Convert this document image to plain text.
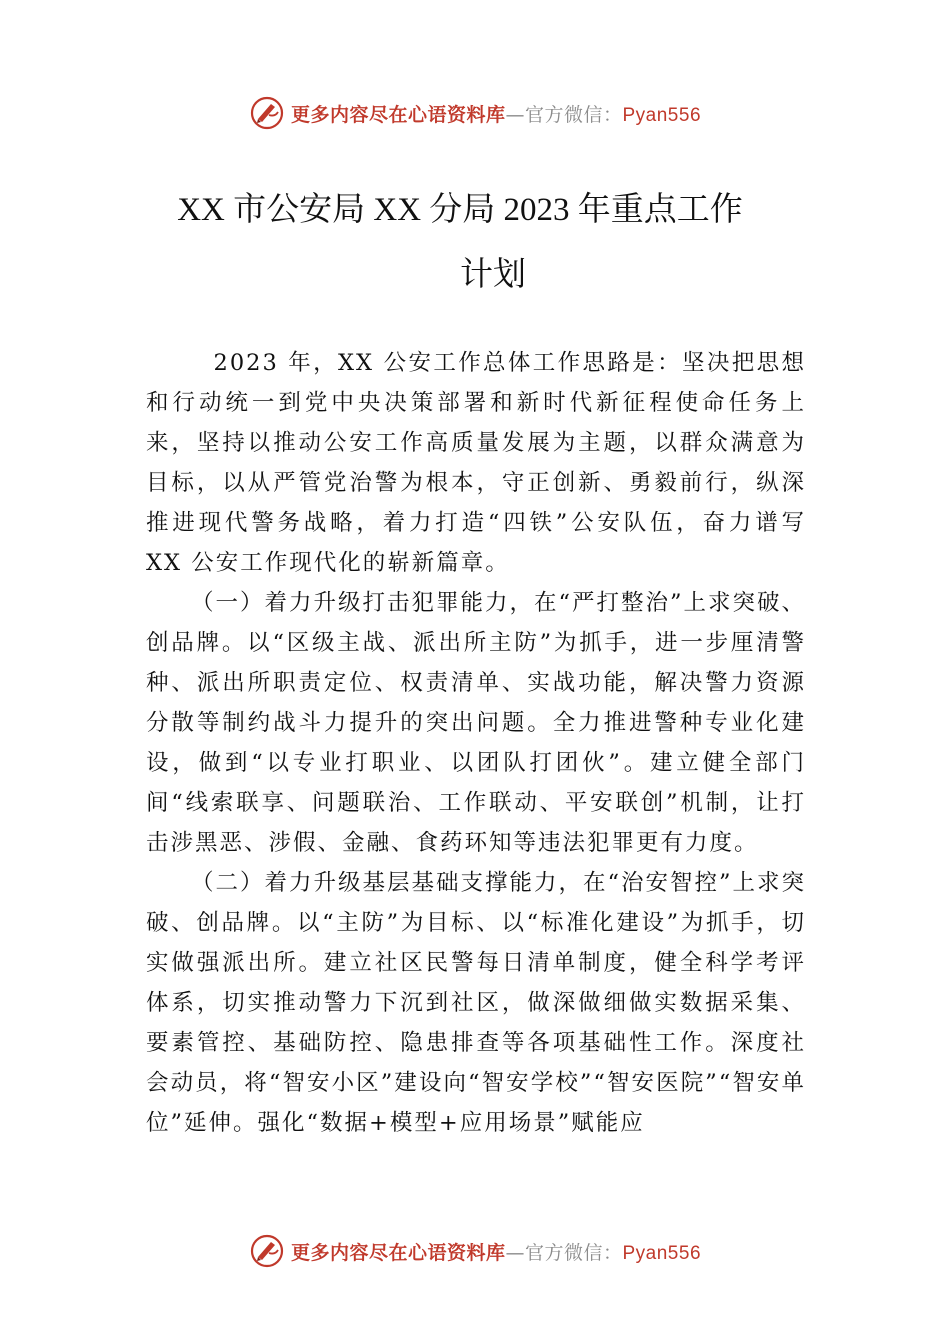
更多内容尽在心语资料库—官方微信：Pyan556
XX 市公安局 XX 分局 2023 年重点工作
计划

2023 年，XX 公安工作总体工作思路是：坚决把思想和行动统一到党中央决策部署和新时代新征程使命任务上来，坚持以推动公安工作高质量发展为主题，以群众满意为目标，以从严管党治警为根本，守正创新、勇毅前行，纵深推进现代警务战略，着力打造“四铁”公安队伍，奋力谱写 XX 公安工作现代化的崭新篇章。

（一）着力升级打击犯罪能力，在“严打整治”上求突破、创品牌。以“区级主战、派出所主防”为抓手，进一步厘清警种、派出所职责定位、权责清单、实战功能，解决警力资源分散等制约战斗力提升的突出问题。全力推进警种专业化建设，做到“以专业打职业、以团队打团伙”。建立健全部门间“线索联享、问题联治、工作联动、平安联创”机制，让打击涉黑恶、涉假、金融、食药环知等违法犯罪更有力度。

（二）着力升级基层基础支撑能力，在“治安智控”上求突破、创品牌。以“主防”为目标、以“标准化建设”为抓手，切实做强派出所。建立社区民警每日清单制度，健全科学考评体系，切实推动警力下沉到社区，做深做细做实数据采集、要素管控、基础防控、隐患排查等各项基础性工作。深度社会动员，将“智安小区”建设向“智安学校”“智安医院”“智安单位”延伸。强化“数据+模型+应用场景”赋能应

更多内容尽在心语资料库—官方微信：Pyan556
